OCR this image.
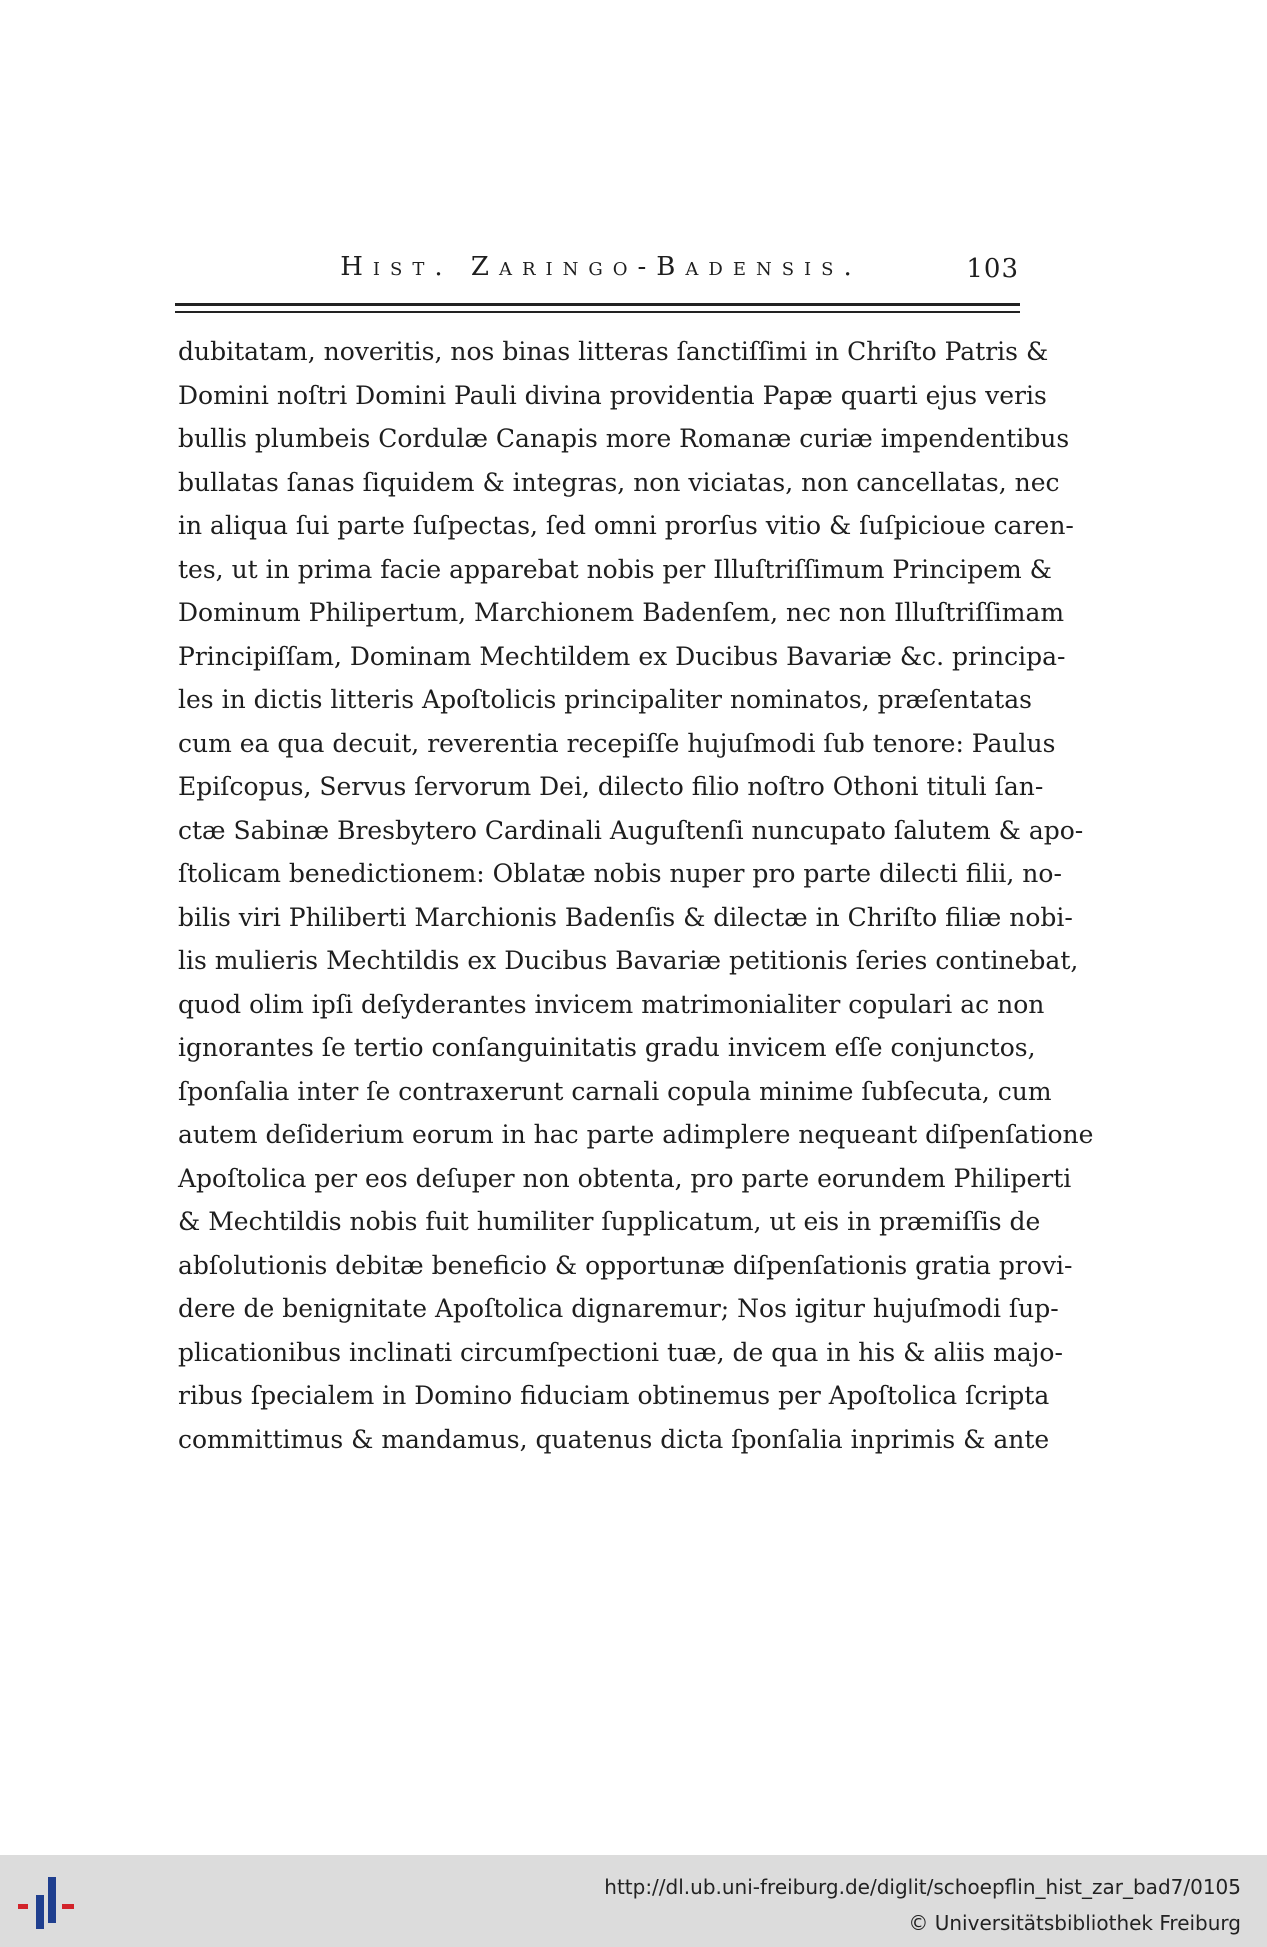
Hist. Zaringo-Badensis.	103
dubitatam, noveritis, nos binas litteras ſanctiſſimi in Chriſto Patris &
Domini noſtri Domini Pauli divina providentia Papæ quarti ejus veris
bullis plumbeis Cordulæ Canapis more Romanæ curiæ impendentibus
bullatas ſanas ſiquidem & integras, non viciatas, non cancellatas, nec
in aliqua ſui parte ſuſpectas, ſed omni prorſus vitio & ſuſpicioue caren-
tes, ut in prima facie apparebat nobis per Illuſtriſſimum Principem &
Dominum Philipertum, Marchionem Badenſem, nec non Illuſtriſſimam
Principiſſam, Dominam Mechtildem ex Ducibus Bavariæ &c. principa-
les in dictis litteris Apoſtolicis principaliter nominatos, præſentatas
cum ea qua decuit, reverentia recepiſſe hujuſmodi ſub tenore: Paulus
Epiſcopus, Servus ſervorum Dei, dilecto filio noſtro Othoni tituli ſan-
ctæ Sabinæ Bresbytero Cardinali Auguſtenſi nuncupato ſalutem & apo-
ſtolicam benedictionem: Oblatæ nobis nuper pro parte dilecti filii, no-
bilis viri Philiberti Marchionis Badenſis & dilectæ in Chriſto filiæ nobi-
lis mulieris Mechtildis ex Ducibus Bavariæ petitionis ſeries continebat,
quod olim ipſi deſyderantes invicem matrimonialiter copulari ac non
ignorantes ſe tertio conſanguinitatis gradu invicem eſſe conjunctos,
ſponſalia inter ſe contraxerunt carnali copula minime ſubſecuta, cum
autem deſiderium eorum in hac parte adimplere nequeant diſpenſatione
Apoſtolica per eos deſuper non obtenta, pro parte eorundem Philiperti
& Mechtildis nobis fuit humiliter ſupplicatum, ut eis in præmiſſis de
abſolutionis debitæ beneficio & opportunæ diſpenſationis gratia provi-
dere de benignitate Apoſtolica dignaremur; Nos igitur hujuſmodi ſup-
plicationibus inclinati circumſpectioni tuæ, de qua in his & aliis majo-
ribus ſpecialem in Domino fiduciam obtinemus per Apoſtolica ſcripta
committimus & mandamus, quatenus dicta ſponſalia inprimis & ante
http://dl.ub.uni-freiburg.de/diglit/schoepflin_hist_zar_bad7/0105
© Universitätsbibliothek Freiburg
